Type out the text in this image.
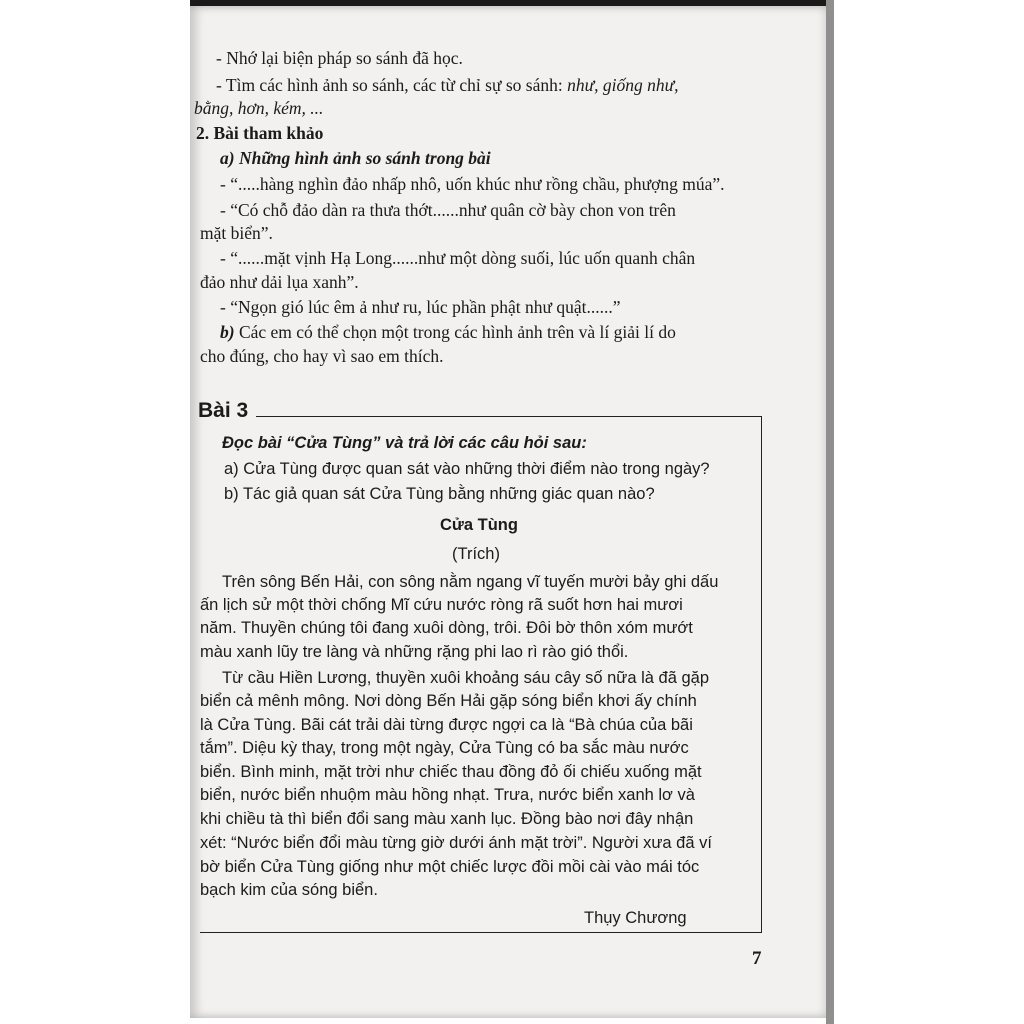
- Nhớ lại biện pháp so sánh đã học.
- Tìm các hình ảnh so sánh, các từ chỉ sự so sánh: như, giống như,
bằng, hơn, kém, ...
2. Bài tham khảo
a) Những hình ảnh so sánh trong bài
- “.....hàng nghìn đảo nhấp nhô, uốn khúc như rồng chầu, phượng múa”.
- “Có chỗ đảo dàn ra thưa thớt......như quân cờ bày chon von trên
mặt biển”.
- “......mặt vịnh Hạ Long......như một dòng suối, lúc uốn quanh chân
đảo như dải lụa xanh”.
- “Ngọn gió lúc êm ả như ru, lúc phần phật như quật......”
b) Các em có thể chọn một trong các hình ảnh trên và lí giải lí do
cho đúng, cho hay vì sao em thích.
Bài 3
Đọc bài “Cửa Tùng” và trả lời các câu hỏi sau:
a) Cửa Tùng được quan sát vào những thời điểm nào trong ngày?
b) Tác giả quan sát Cửa Tùng bằng những giác quan nào?
Cửa Tùng
(Trích)
Trên sông Bến Hải, con sông nằm ngang vĩ tuyến mười bảy ghi dấu
ấn lịch sử một thời chống Mĩ cứu nước ròng rã suốt hơn hai mươi
năm. Thuyền chúng tôi đang xuôi dòng, trôi. Đôi bờ thôn xóm mướt
màu xanh lũy tre làng và những rặng phi lao rì rào gió thổi.
Từ cầu Hiền Lương, thuyền xuôi khoảng sáu cây số nữa là đã gặp
biển cả mênh mông. Nơi dòng Bến Hải gặp sóng biển khơi ấy chính
là Cửa Tùng. Bãi cát trải dài từng được ngợi ca là “Bà chúa của bãi
tắm”. Diệu kỳ thay, trong một ngày, Cửa Tùng có ba sắc màu nước
biển. Bình minh, mặt trời như chiếc thau đồng đỏ ối chiếu xuống mặt
biển, nước biển nhuộm màu hồng nhạt. Trưa, nước biển xanh lơ và
khi chiều tà thì biển đổi sang màu xanh lục. Đồng bào nơi đây nhận
xét: “Nước biển đổi màu từng giờ dưới ánh mặt trời”. Người xưa đã ví
bờ biển Cửa Tùng giống như một chiếc lược đồi mồi cài vào mái tóc
bạch kim của sóng biển.
Thụy Chương
7
